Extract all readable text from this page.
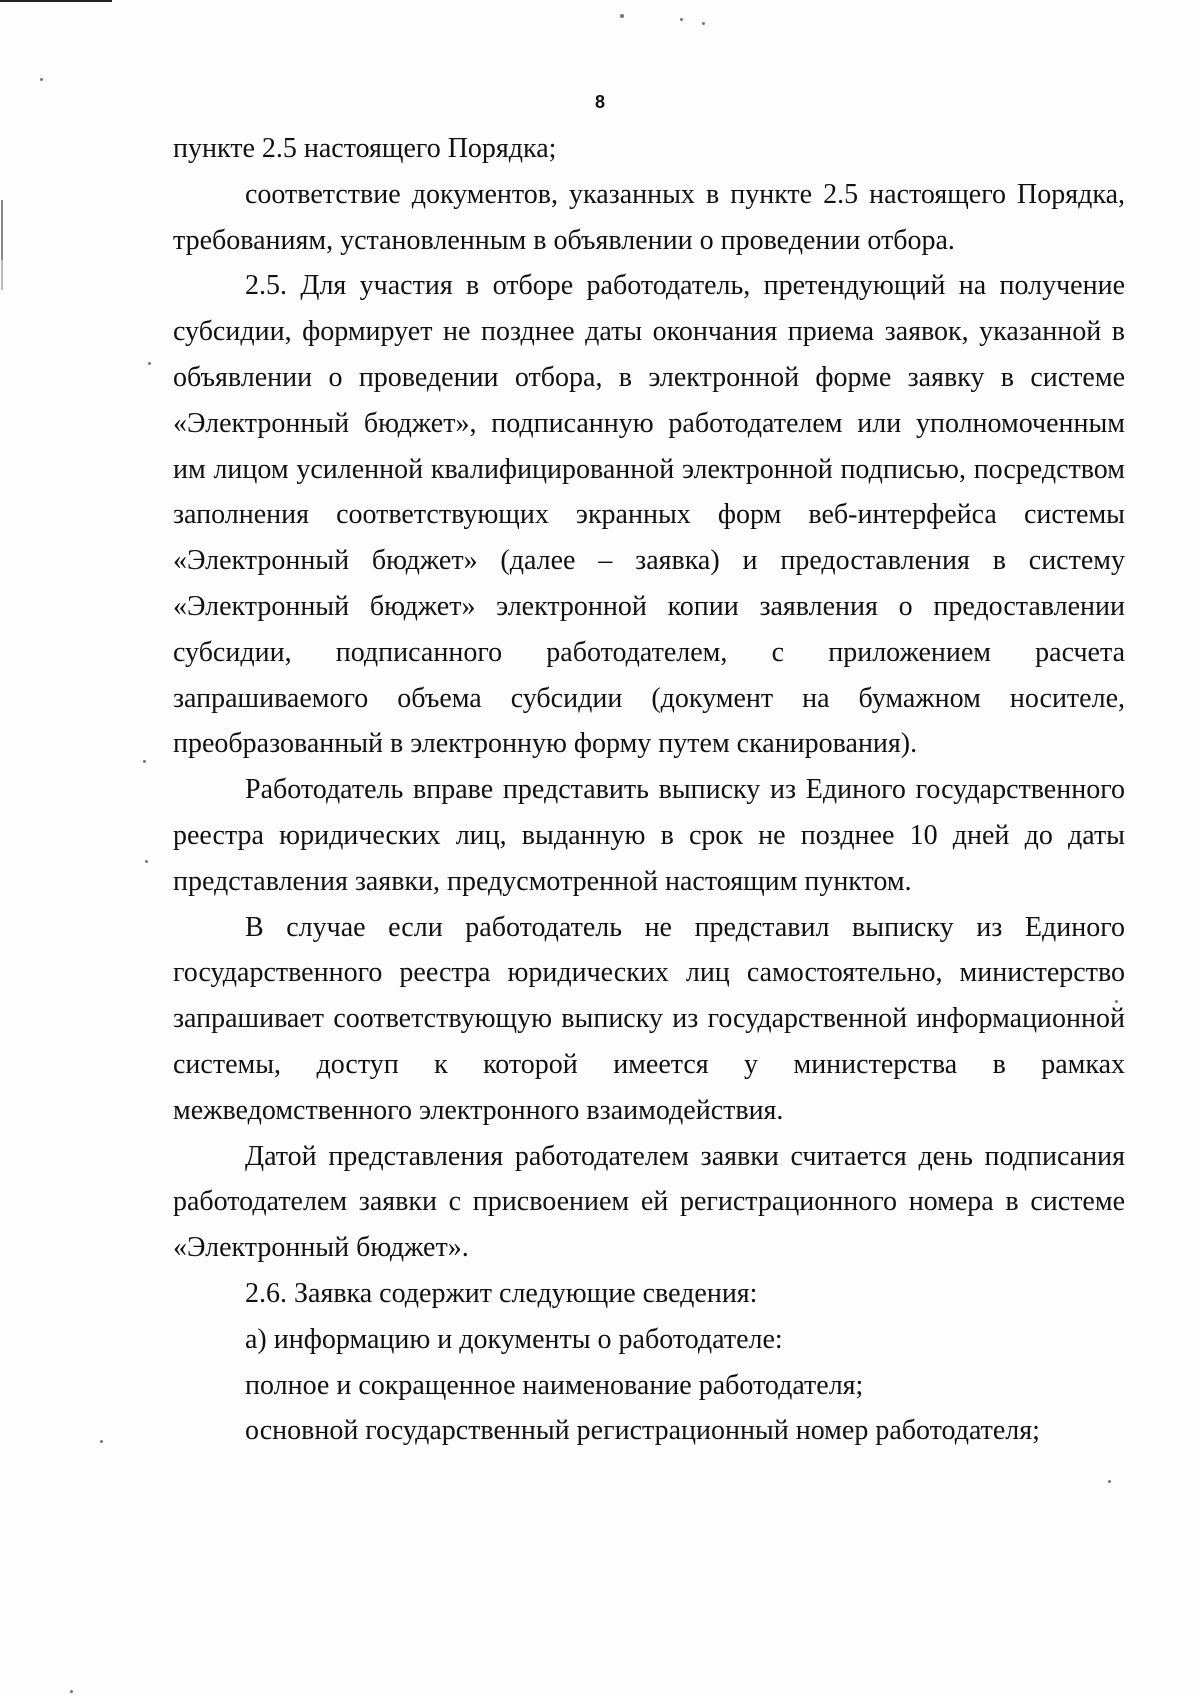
8

пункте 2.5 настоящего Порядка;

соответствие документов, указанных в пункте 2.5 настоящего Порядка, требованиям, установленным в объявлении о проведении отбора.

2.5. Для участия в отборе работодатель, претендующий на получение субсидии, формирует не позднее даты окончания приема заявок, указанной в объявлении о проведении отбора, в электронной форме заявку в системе «Электронный бюджет», подписанную работодателем или уполномоченным им лицом усиленной квалифицированной электронной подписью, посредством заполнения соответствующих экранных форм веб-интерфейса системы «Электронный бюджет» (далее – заявка) и предоставления в систему «Электронный бюджет» электронной копии заявления о предоставлении субсидии, подписанного работодателем, с приложением расчета запрашиваемого объема субсидии (документ на бумажном носителе, преобразованный в электронную форму путем сканирования).

Работодатель вправе представить выписку из Единого государственного реестра юридических лиц, выданную в срок не позднее 10 дней до даты представления заявки, предусмотренной настоящим пунктом.

В случае если работодатель не представил выписку из Единого государственного реестра юридических лиц самостоятельно, министерство запрашивает соответствующую выписку из государственной информационной системы, доступ к которой имеется у министерства в рамках межведомственного электронного взаимодействия.

Датой представления работодателем заявки считается день подписания работодателем заявки с присвоением ей регистрационного номера в системе «Электронный бюджет».

2.6. Заявка содержит следующие сведения:

а) информацию и документы о работодателе:

полное и сокращенное наименование работодателя;

основной государственный регистрационный номер работодателя;
